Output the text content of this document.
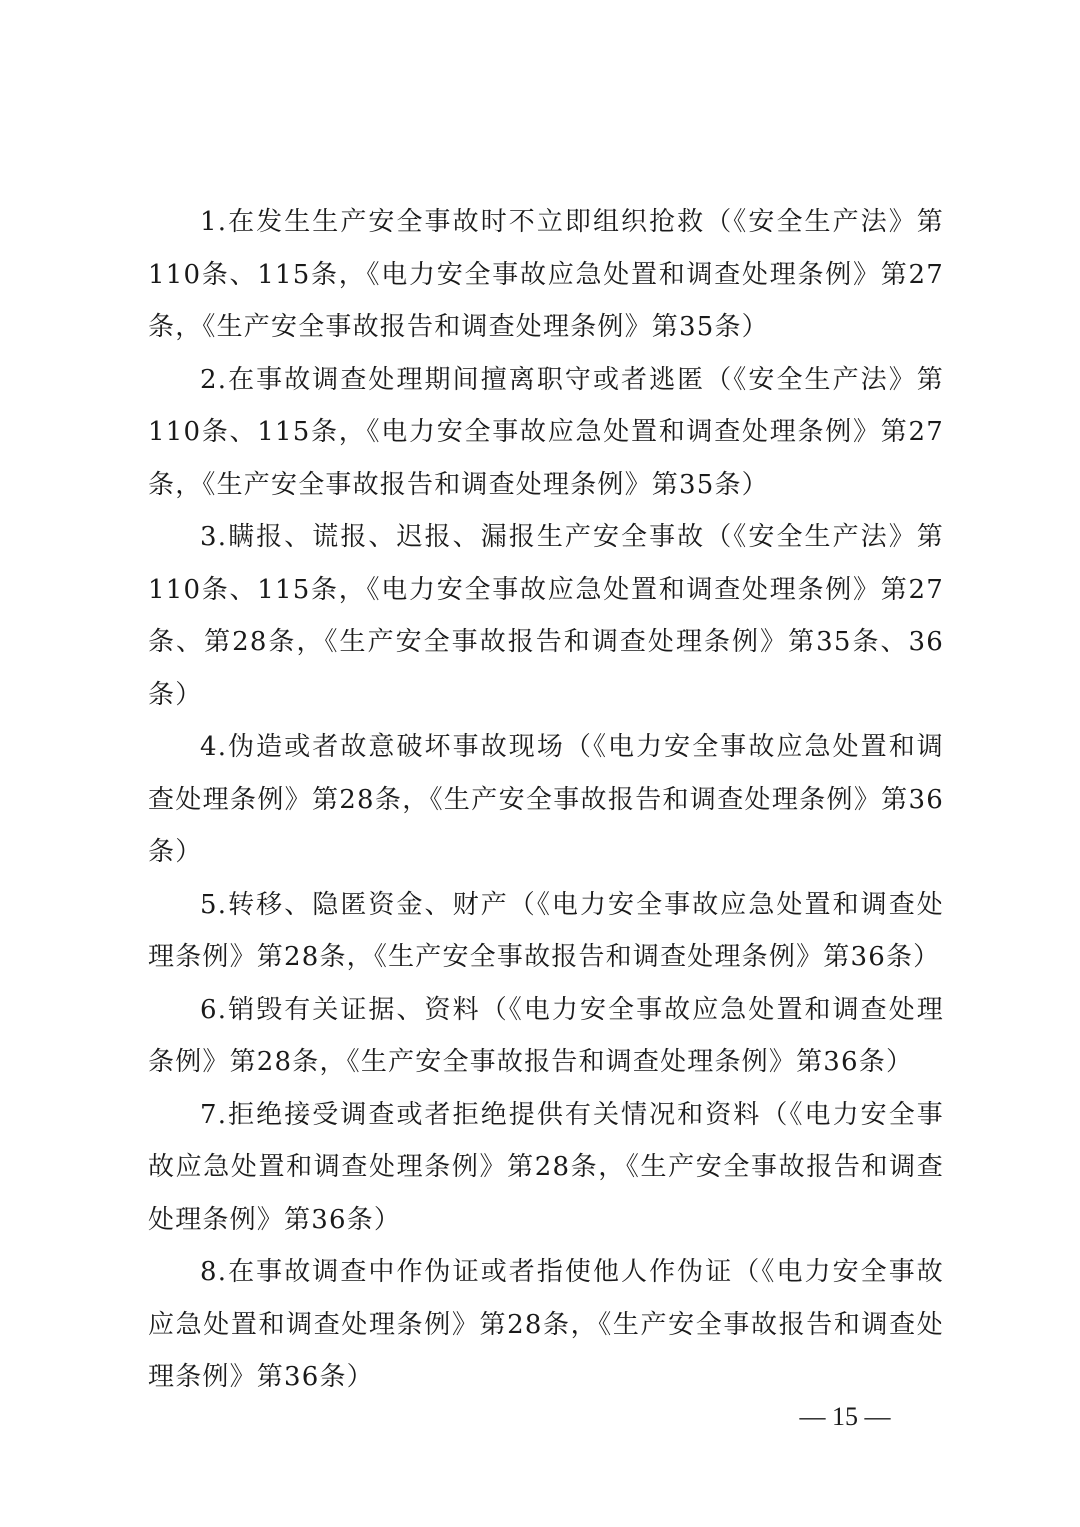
1.在发生生产安全事故时不立即组织抢救（《安全生产法》第110条、115条，《电力安全事故应急处置和调查处理条例》第27条，《生产安全事故报告和调查处理条例》第35条）

2.在事故调查处理期间擅离职守或者逃匿（《安全生产法》第110条、115条，《电力安全事故应急处置和调查处理条例》第27条，《生产安全事故报告和调查处理条例》第35条）

3.瞒报、谎报、迟报、漏报生产安全事故（《安全生产法》第110条、115条，《电力安全事故应急处置和调查处理条例》第27条、第28条，《生产安全事故报告和调查处理条例》第35条、36条）

4.伪造或者故意破坏事故现场（《电力安全事故应急处置和调查处理条例》第28条，《生产安全事故报告和调查处理条例》第36条）

5.转移、隐匿资金、财产（《电力安全事故应急处置和调查处理条例》第28条，《生产安全事故报告和调查处理条例》第36条）

6.销毁有关证据、资料（《电力安全事故应急处置和调查处理条例》第28条，《生产安全事故报告和调查处理条例》第36条）

7.拒绝接受调查或者拒绝提供有关情况和资料（《电力安全事故应急处置和调查处理条例》第28条，《生产安全事故报告和调查处理条例》第36条）

8.在事故调查中作伪证或者指使他人作伪证（《电力安全事故应急处置和调查处理条例》第28条，《生产安全事故报告和调查处理条例》第36条）

— 15 —
